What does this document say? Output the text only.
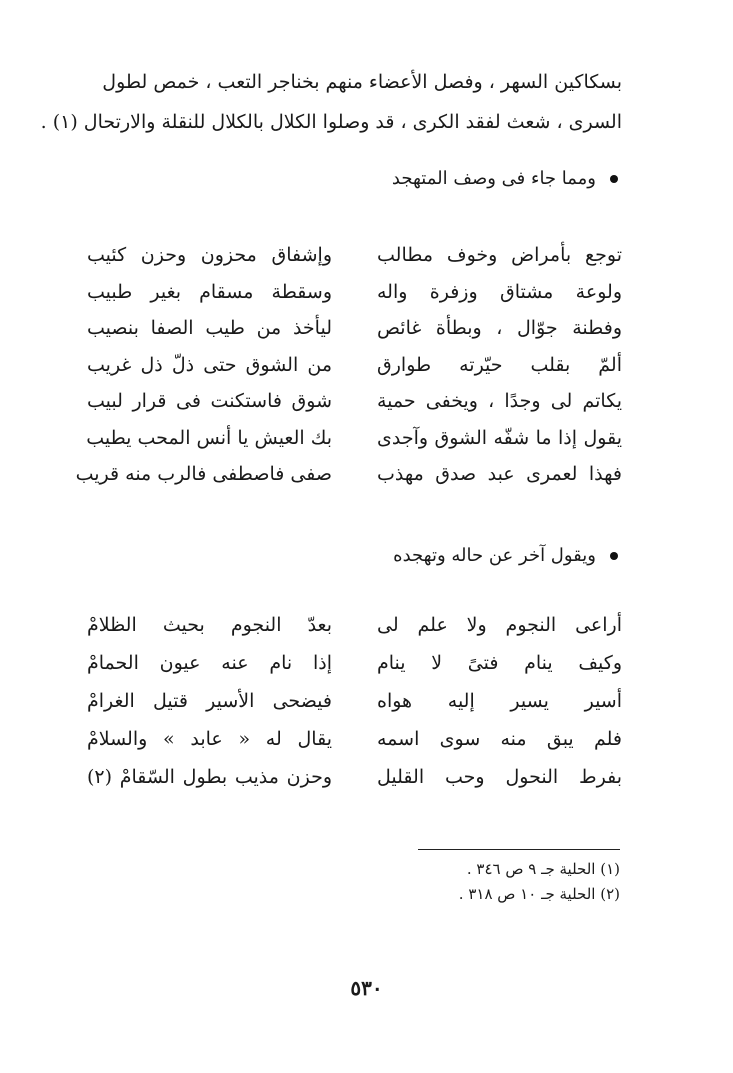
بسكاكين السهر ، وفصل الأعضاء منهم بخناجر التعب ، خمص لطول
السرى ، شعث لفقد الكرى ، قد وصلوا الكلال بالكلال للنقلة والارتحال (١) .
ومما جاء فى وصف المتهجد
توجع بأمراض وخوف مطالب
وإشفاق محزون وحزن كئيب
ولوعة مشتاق وزفرة واله
وسقطة مسقام بغير طبيب
وفطنة جوّال ، وبطأة غائص
ليأخذ من طيب الصفا بنصيب
ألمّ بقلب حيّرته طوارق
من الشوق حتى ذلّ ذل غريب
يكاتم لى وجدًا ، ويخفى حمية
شوق فاستكنت فى قرار لبيب
يقول إذا ما شفّه الشوق وآجدى
بك العيش يا أنس المحب يطيب
فهذا لعمرى عبد صدق مهذب
صفى فاصطفى فالرب منه قريب
ويقول آخر عن حاله وتهجده
أراعى النجوم ولا علم لى
بعدّ النجوم بحيث الظلامْ
وكيف ينام فتىً لا ينام
إذا نام عنه عيون الحمامْ
أسير يسير إليه هواه
فيضحى الأسير قتيل الغرامْ
فلم يبق منه سوى اسمه
يقال له « عابد » والسلامْ
بفرط النحول وحب القليل
وحزن مذيب بطول السّقامْ (٢)
(١) الحلية جـ ٩ ص ٣٤٦ .
(٢) الحلية جـ ١٠ ص ٣١٨ .
٥٣٠
